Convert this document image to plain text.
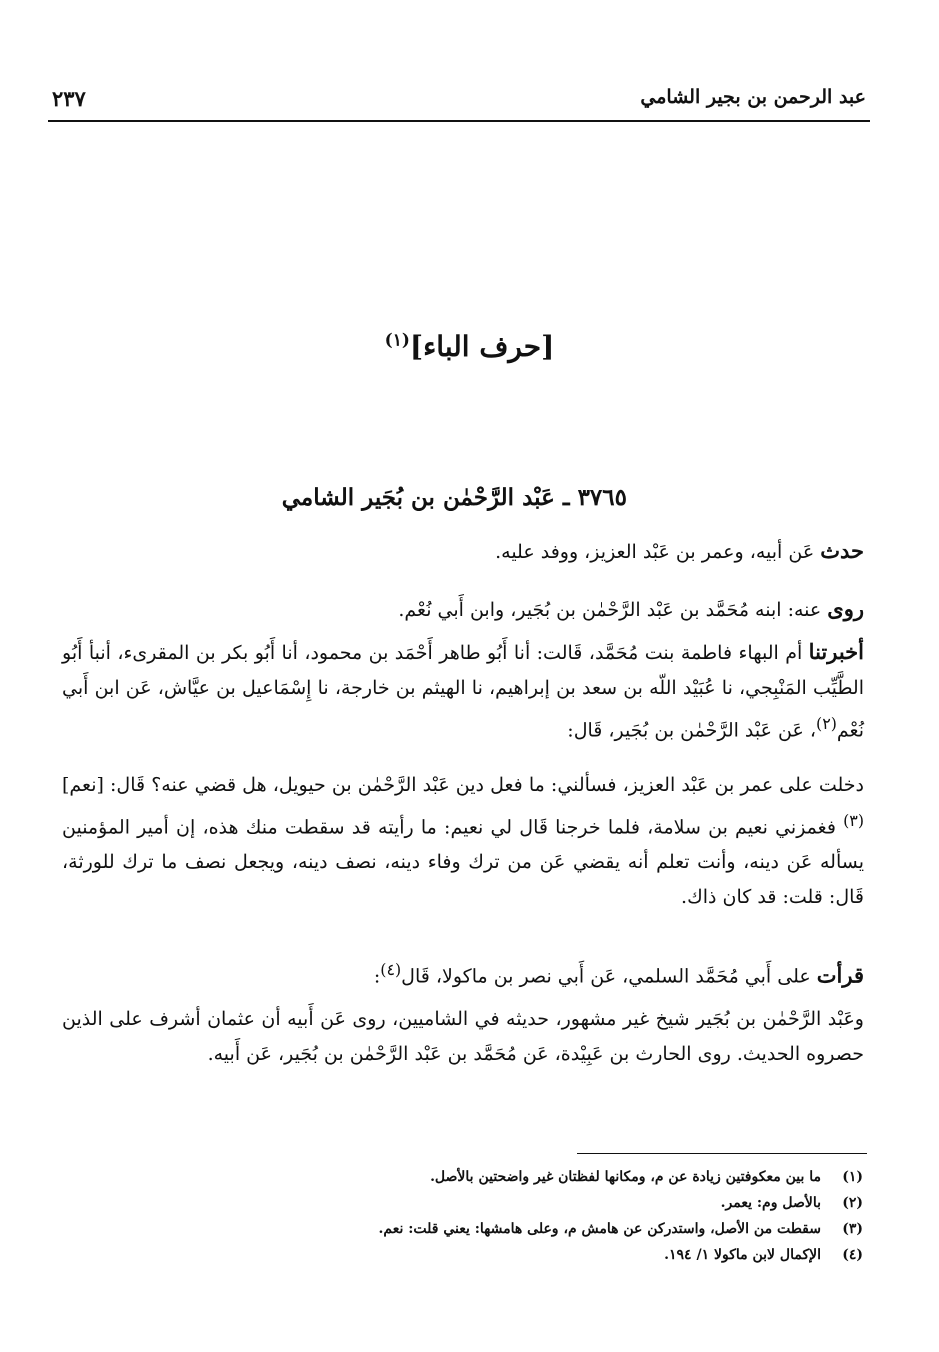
عبد الرحمن بن بجير الشامي
٢٣٧
[حرف الباء]$^{(١)}$
٣٧٦٥ ـ عَبْد الرَّحْمٰن بن بُجَير الشامي
حدث عَن أبيه، وعمر بن عَبْد العزيز، ووفد عليه.
روى عنه: ابنه مُحَمَّد بن عَبْد الرَّحْمٰن بن بُجَير، وابن أَبي نُعْم.
أخبرتنا أم البهاء فاطمة بنت مُحَمَّد، قَالت: أنا أَبُو طاهر أَحْمَد بن محمود، أنا أَبُو بكر بن المقرىء، أنبأ أَبُو الطَّيِّب المَنْبِجي، نا عُبَيْد اللّه بن سعد بن إبراهيم، نا الهيثم بن خارجة، نا إِسْمَاعيل بن عيَّاش، عَن ابن أَبي نُعْم$^{(٢)}$، عَن عَبْد الرَّحْمٰن بن بُجَير، قَال:
دخلت على عمر بن عَبْد العزيز، فسألني: ما فعل دين عَبْد الرَّحْمٰن بن حيويل، هل قضي عنه؟ قَال: [نعم]$^{(٣)}$ فغمزني نعيم بن سلامة، فلما خرجنا قَال لي نعيم: ما رأيته قد سقطت منك هذه، إن أمير المؤمنين يسأله عَن دينه، وأنت تعلم أنه يقضي عَن من ترك وفاء دينه، نصف دينه، ويجعل نصف ما ترك للورثة، قَال: قلت: قد كان ذاك.
قرأت على أَبي مُحَمَّد السلمي، عَن أَبي نصر بن ماكولا، قَال$^{(٤)}$:
وعَبْد الرَّحْمٰن بن بُجَير شيخ غير مشهور، حديثه في الشاميين، روى عَن أَبيه أن عثمان أشرف على الذين حصروه الحديث. روى الحارث بن عَبِيْدة، عَن مُحَمَّد بن عَبْد الرَّحْمٰن بن بُجَير، عَن أَبيه.
(١)ما بين معكوفتين زيادة عن م، ومكانها لفظتان غير واضحتين بالأصل.
(٢)بالأصل وم: يعمر.
(٣)سقطت من الأصل، واستدركن عن هامش م، وعلى هامشها: يعني قلت: نعم.
(٤)الإكمال لابن ماكولا ١/ ١٩٤.
